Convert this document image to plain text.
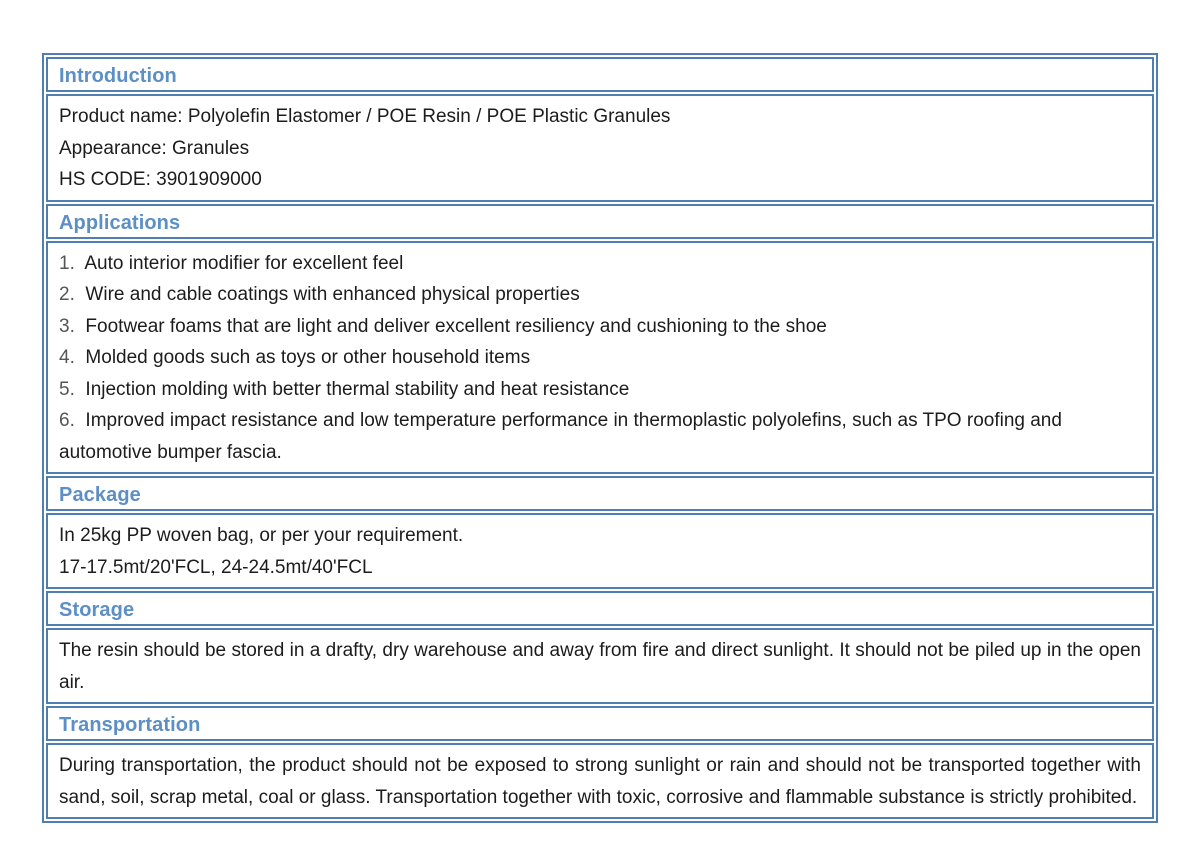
Introduction
Product name: Polyolefin Elastomer / POE Resin / POE Plastic Granules
Appearance: Granules
HS CODE: 3901909000
Applications
1. Auto interior modifier for excellent feel
2. Wire and cable coatings with enhanced physical properties
3. Footwear foams that are light and deliver excellent resiliency and cushioning to the shoe
4. Molded goods such as toys or other household items
5. Injection molding with better thermal stability and heat resistance
6. Improved impact resistance and low temperature performance in thermoplastic polyolefins, such as TPO roofing and automotive bumper fascia.
Package
In 25kg PP woven bag, or per your requirement.
17-17.5mt/20'FCL, 24-24.5mt/40'FCL
Storage
The resin should be stored in a drafty, dry warehouse and away from fire and direct sunlight. It should not be piled up in the open air.
Transportation
During transportation, the product should not be exposed to strong sunlight or rain and should not be transported together with sand, soil, scrap metal, coal or glass. Transportation together with toxic, corrosive and flammable substance is strictly prohibited.
